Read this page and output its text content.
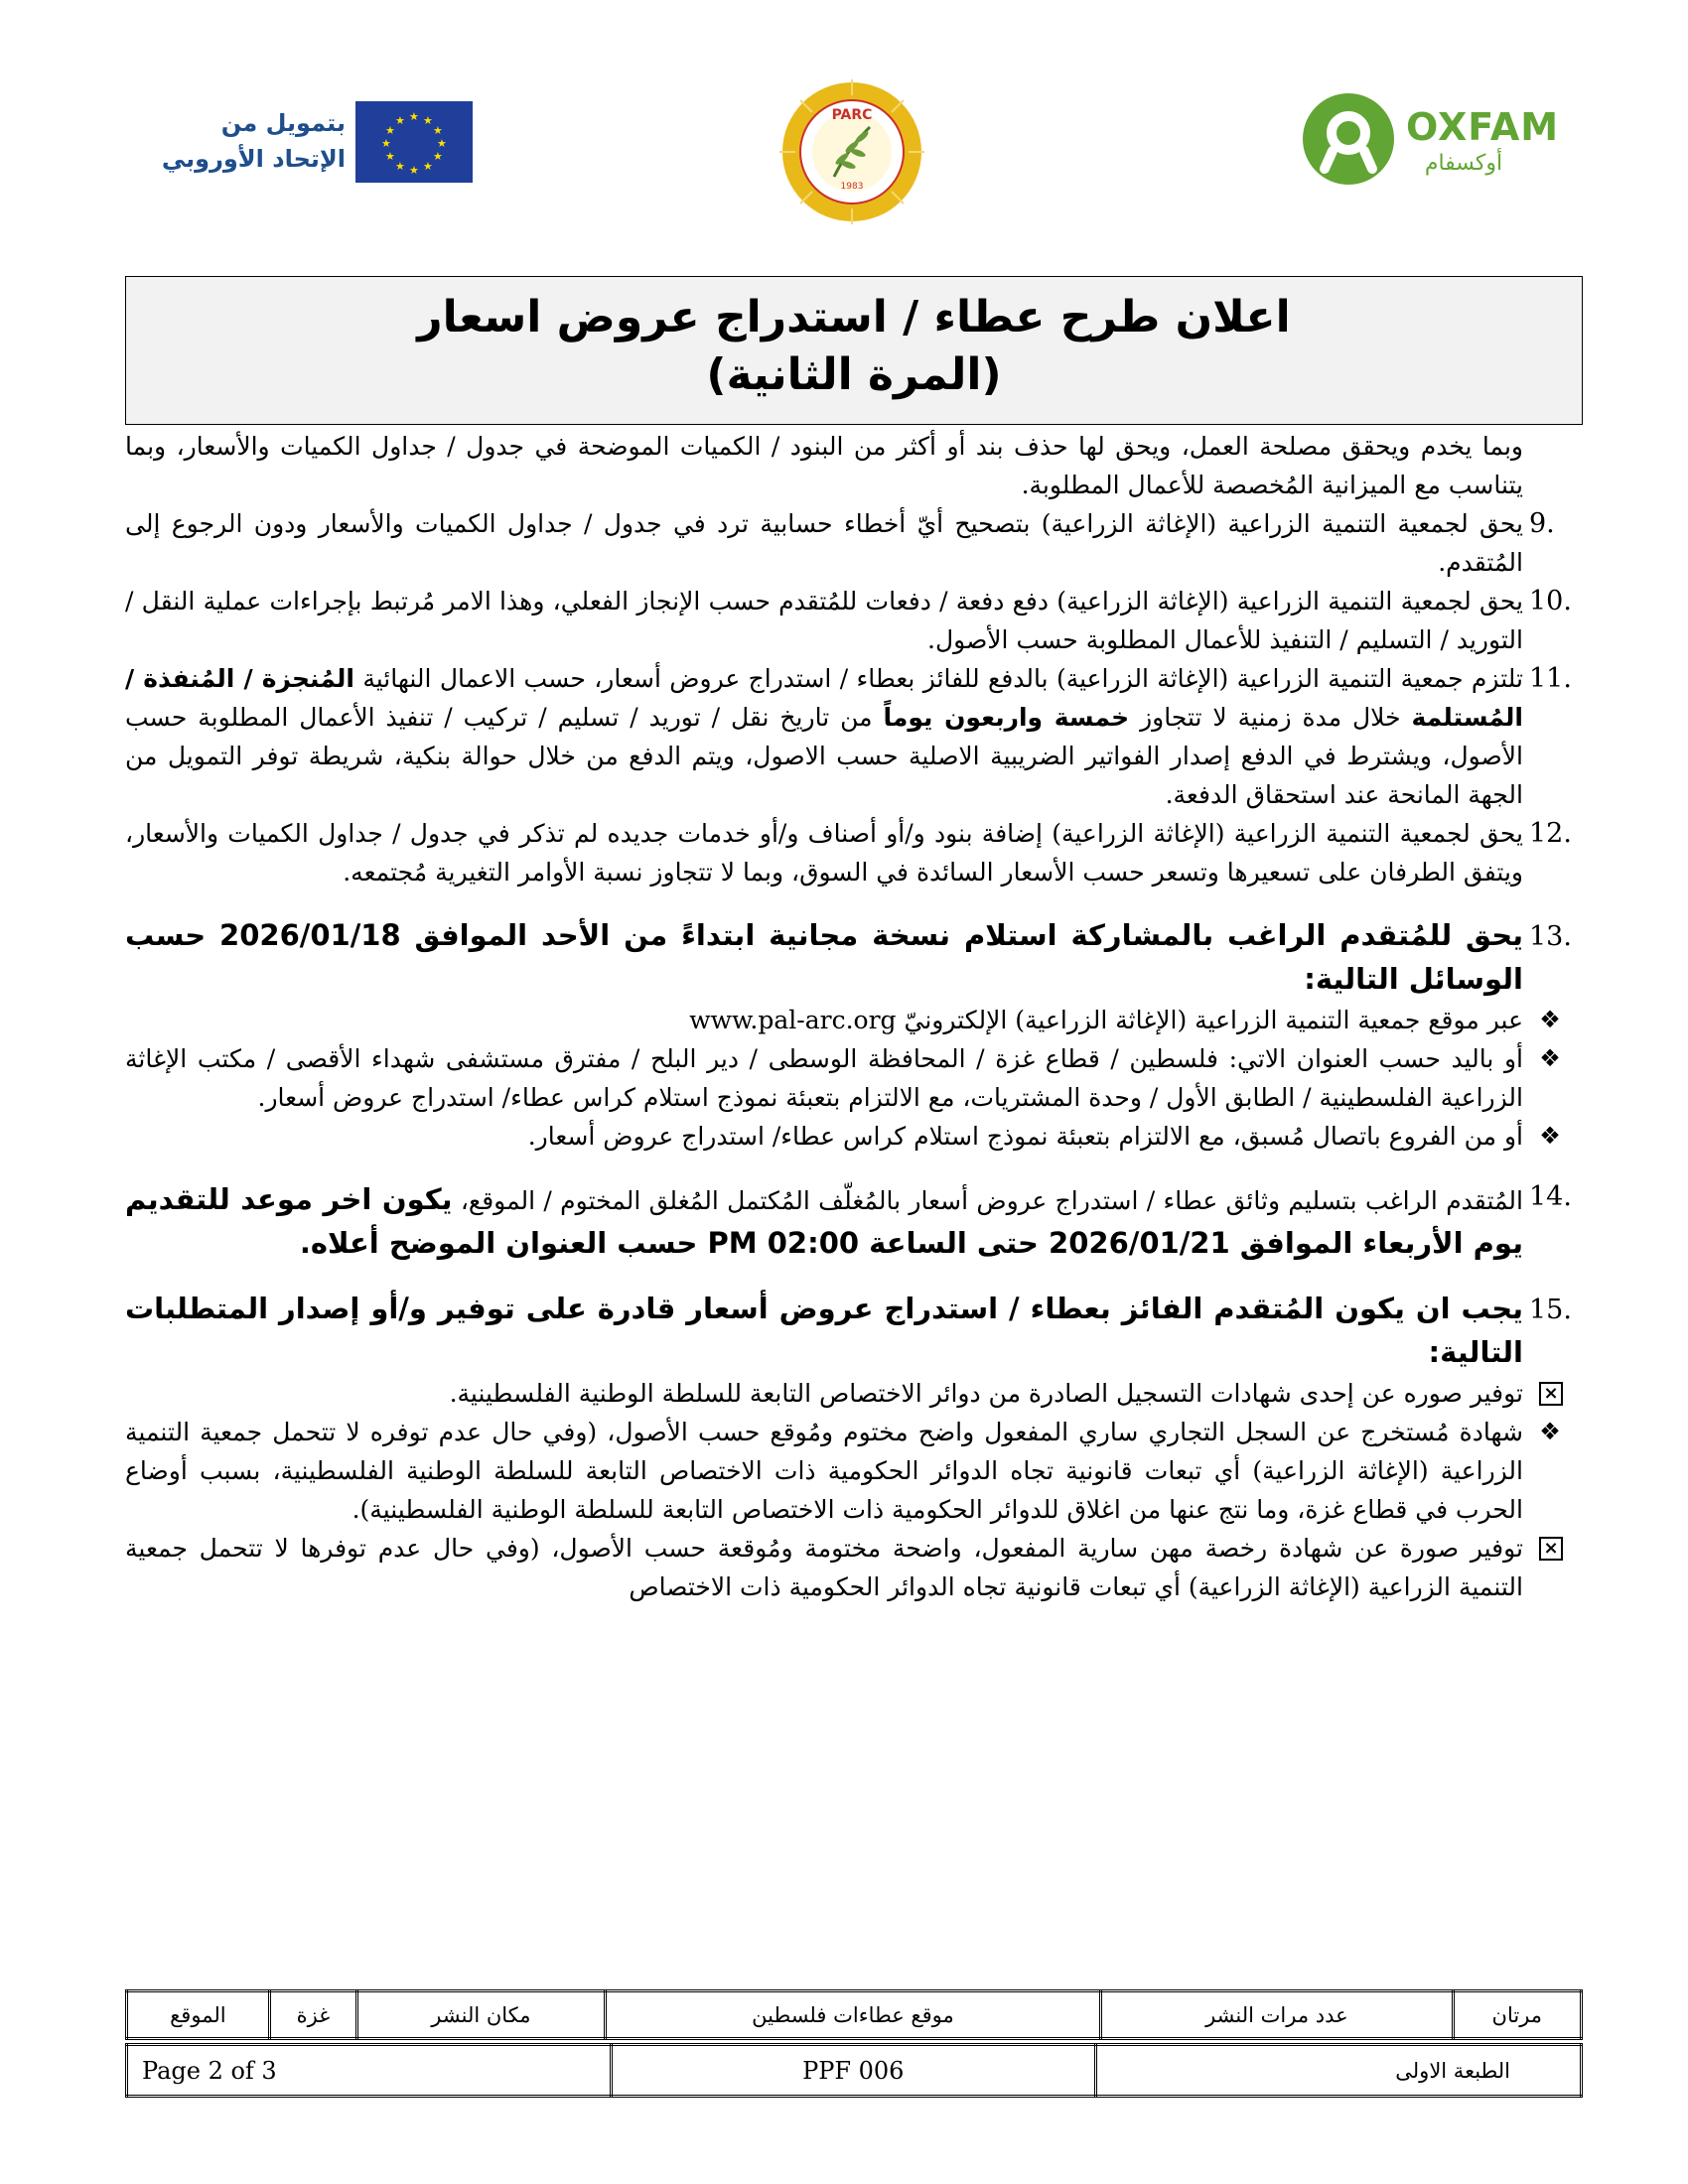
بتمويل من
الإتحاد الأوروبي
★ ★
★
★
★
★
★
★
★
★
★
★	PARC
1983
OXFAM
أوكسفام
اعلان طرح عطاء / استدراج عروض اسعار
(المرة الثانية)

وبما يخدم ويحقق مصلحة العمل، ويحق لها حذف بند أو أكثر من البنود / الكميات الموضحة في جدول / جداول الكميات والأسعار، وبما يتناسب مع الميزانية المُخصصة للأعمال المطلوبة.

9.

يحق لجمعية التنمية الزراعية (الإغاثة الزراعية) بتصحيح أيّ أخطاء حسابية ترد في جدول / جداول الكميات والأسعار ودون الرجوع إلى المُتقدم.

10.

يحق لجمعية التنمية الزراعية (الإغاثة الزراعية) دفع دفعة / دفعات للمُتقدم حسب الإنجاز الفعلي، وهذا الامر مُرتبط بإجراءات عملية النقل / التوريد / التسليم / التنفيذ للأعمال المطلوبة حسب الأصول.

11.

تلتزم جمعية التنمية الزراعية (الإغاثة الزراعية) بالدفع للفائز بعطاء / استدراج عروض أسعار، حسب الاعمال النهائية المُنجزة / المُنفذة / المُستلمة خلال مدة زمنية لا تتجاوز خمسة واربعون يوماً من تاريخ نقل / توريد / تسليم / تركيب / تنفيذ الأعمال المطلوبة حسب الأصول، ويشترط في الدفع إصدار الفواتير الضريبية الاصلية حسب الاصول، ويتم الدفع من خلال حوالة بنكية، شريطة توفر التمويل من الجهة المانحة عند استحقاق الدفعة.

12.

يحق لجمعية التنمية الزراعية (الإغاثة الزراعية) إضافة بنود و/أو أصناف و/أو خدمات جديده لم تذكر في جدول / جداول الكميات والأسعار، ويتفق الطرفان على تسعيرها وتسعر حسب الأسعار السائدة في السوق، وبما لا تتجاوز نسبة الأوامر التغيرية مُجتمعه.

13.

يحق للمُتقدم الراغب بالمشاركة استلام نسخة مجانية ابتداءً من الأحد الموافق 2026/01/18 حسب الوسائل التالية:

❖
عبر موقع جمعية التنمية الزراعية (الإغاثة الزراعية) الإلكترونيّ www.pal-arc.org
❖
أو باليد حسب العنوان الاتي: فلسطين / قطاع غزة / المحافظة الوسطى / دير البلح / مفترق مستشفى شهداء الأقصى / مكتب الإغاثة الزراعية الفلسطينية / الطابق الأول / وحدة المشتريات، مع الالتزام بتعبئة نموذج استلام كراس عطاء/ استدراج عروض أسعار.
❖
أو من الفروع باتصال مُسبق، مع الالتزام بتعبئة نموذج استلام كراس عطاء/ استدراج عروض أسعار.
14.

المُتقدم الراغب بتسليم وثائق عطاء / استدراج عروض أسعار بالمُغلّف المُكتمل المُغلق المختوم / الموقع، يكون اخر موعد للتقديم يوم الأربعاء الموافق 2026/01/21 حتى الساعة 02:00 PM حسب العنوان الموضح أعلاه.

15.

يجب ان يكون المُتقدم الفائز بعطاء / استدراج عروض أسعار قادرة على توفير و/أو إصدار المتطلبات التالية:

×
توفير صوره عن إحدى شهادات التسجيل الصادرة من دوائر الاختصاص التابعة للسلطة الوطنية الفلسطينية.
❖
شهادة مُستخرج عن السجل التجاري ساري المفعول واضح مختوم ومُوقع حسب الأصول، (وفي حال عدم توفره لا تتحمل جمعية التنمية الزراعية (الإغاثة الزراعية) أي تبعات قانونية تجاه الدوائر الحكومية ذات الاختصاص التابعة للسلطة الوطنية الفلسطينية، بسبب أوضاع الحرب في قطاع غزة، وما نتج عنها من اغلاق للدوائر الحكومية ذات الاختصاص التابعة للسلطة الوطنية الفلسطينية).
×
توفير صورة عن شهادة رخصة مهن سارية المفعول، واضحة مختومة ومُوقعة حسب الأصول، (وفي حال عدم توفرها لا تتحمل جمعية التنمية الزراعية (الإغاثة الزراعية) أي تبعات قانونية تجاه الدوائر الحكومية ذات الاختصاص
الموقع	غزة	مكان النشر	موقع عطاءات فلسطين	عدد مرات النشر	مرتان
Page 2 of 3	PPF 006	الطبعة الاولى
